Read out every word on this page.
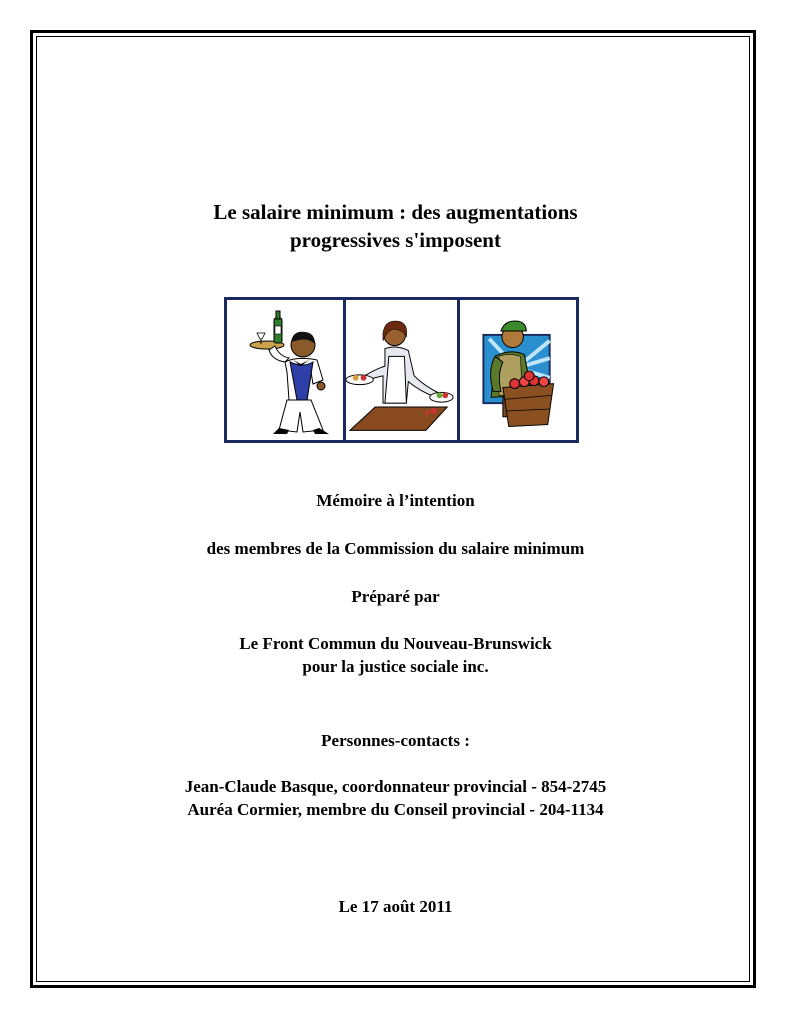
Le salaire minimum : des augmentations
progressives s'imposent
Mémoire à l’intention
des membres de la Commission du salaire minimum
Préparé par
Le Front Commun du Nouveau-Brunswick
pour la justice sociale inc.
Personnes-contacts :
Jean-Claude Basque, coordonnateur provincial - 854-2745
Auréa Cormier, membre du Conseil provincial - 204-1134
Le 17 août 2011
